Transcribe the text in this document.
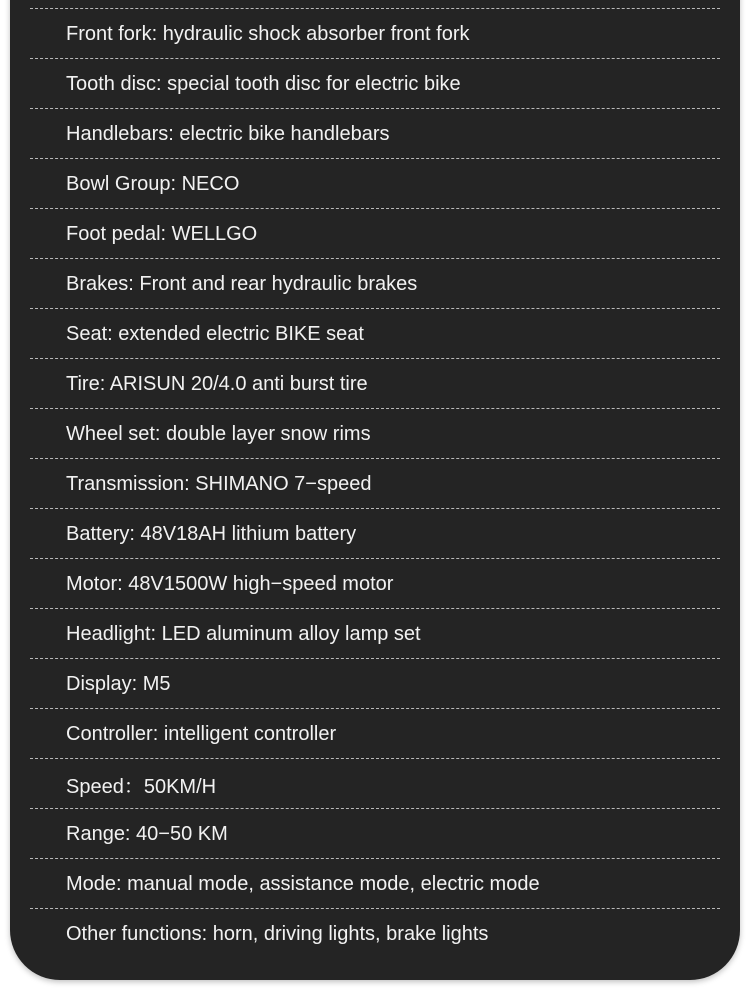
Front fork: hydraulic shock absorber front fork
Tooth disc: special tooth disc for electric bike
Handlebars: electric bike handlebars
Bowl Group: NECO
Foot pedal: WELLGO
Brakes: Front and rear hydraulic brakes
Seat: extended electric BIKE seat
Tire: ARISUN 20/4.0 anti burst tire
Wheel set: double layer snow rims
Transmission: SHIMANO 7−speed
Battery: 48V18AH lithium battery
Motor: 48V1500W high−speed motor
Headlight: LED aluminum alloy lamp set
Display: M5
Controller: intelligent controller
Speed：50KM/H
Range: 40−50 KM
Mode: manual mode, assistance mode, electric mode
Other functions: horn, driving lights, brake lights
